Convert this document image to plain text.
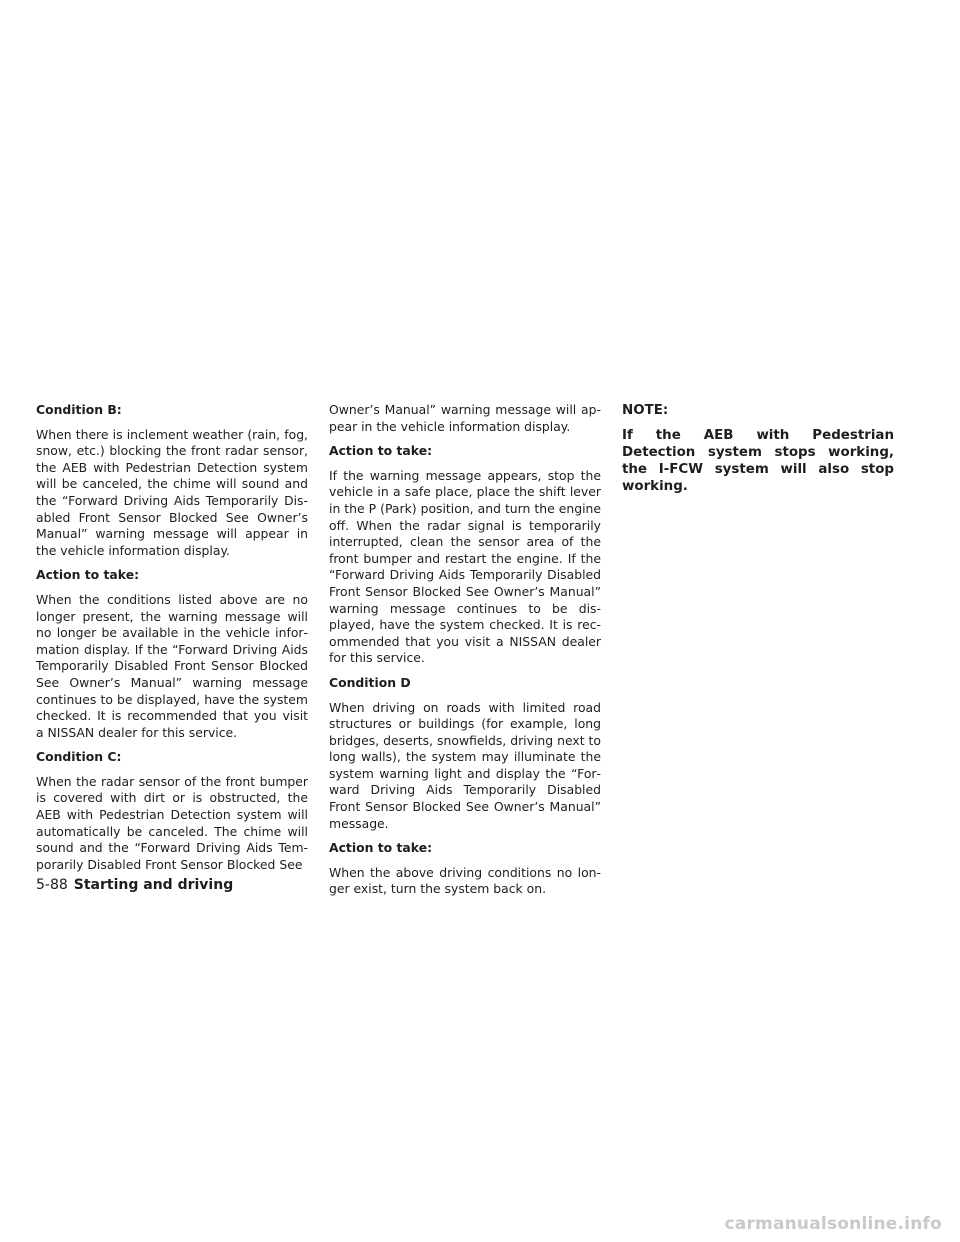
Condition B:

When there is inclement weather (rain, fog, snow, etc.) blocking the front radar sensor, the AEB with Pedestrian Detection system will be canceled, the chime will sound and the “Forward Driving Aids Temporarily Disabled Front Sensor Blocked See Owner’s Manual” warning message will appear in the vehicle information display.

Action to take:

When the conditions listed above are no longer present, the warning message will no longer be available in the vehicle information display. If the “Forward Driving Aids Temporarily Disabled Front Sensor Blocked See Owner’s Manual” warning message continues to be displayed, have the system checked. It is recommended that you visit a NISSAN dealer for this service.

Condition C:

When the radar sensor of the front bumper is covered with dirt or is obstructed, the AEB with Pedestrian Detection system will automatically be canceled. The chime will sound and the “Forward Driving Aids Temporarily Disabled Front Sensor Blocked See

Owner’s Manual” warning message will appear in the vehicle information display.

Action to take:

If the warning message appears, stop the vehicle in a safe place, place the shift lever in the P (Park) position, and turn the engine off. When the radar signal is temporarily interrupted, clean the sensor area of the front bumper and restart the engine. If the “Forward Driving Aids Temporarily Disabled Front Sensor Blocked See Owner’s Manual” warning message continues to be displayed, have the system checked. It is recommended that you visit a NISSAN dealer for this service.

Condition D

When driving on roads with limited road structures or buildings (for example, long bridges, deserts, snowfields, driving next to long walls), the system may illuminate the system warning light and display the “Forward Driving Aids Temporarily Disabled Front Sensor Blocked See Owner’s Manual” message.

Action to take:

When the above driving conditions no longer exist, turn the system back on.

NOTE:

If the AEB with Pedestrian Detection system stops working, the I-FCW system will also stop working.

5-88 Starting and driving
carmanualsonline.info
